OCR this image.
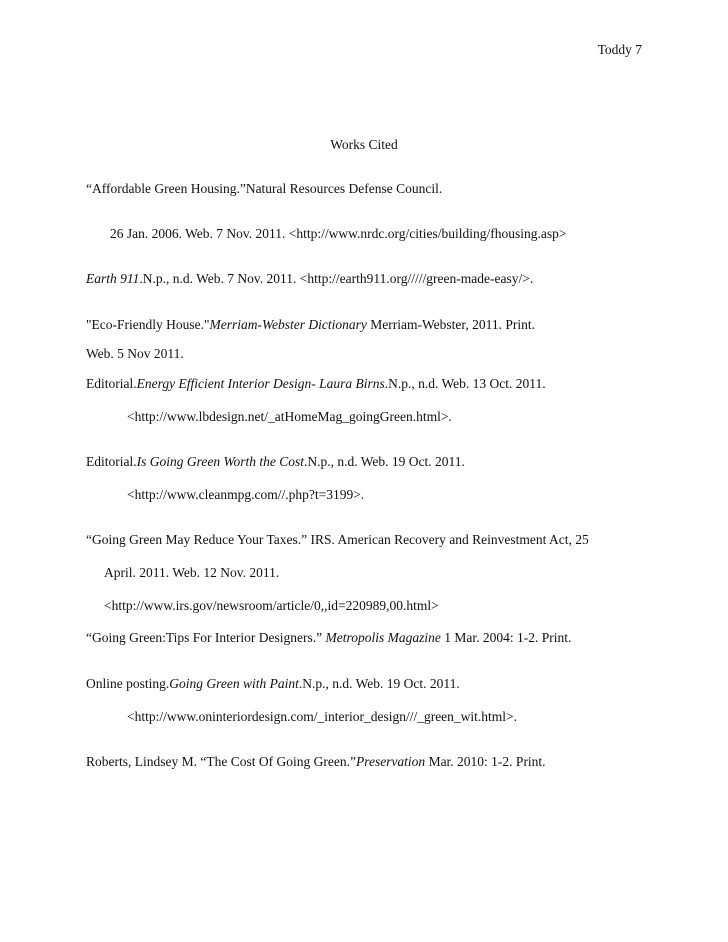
Toddy 7
Works Cited
“Affordable Green Housing.”Natural Resources Defense Council.
26 Jan. 2006. Web. 7 Nov. 2011. <http://www.nrdc.org/cities/building/fhousing.asp>
Earth 911.N.p., n.d. Web. 7 Nov. 2011. <http://earth911.org/////green-made-easy/>.
"Eco-Friendly House."Merriam-Webster Dictionary Merriam-Webster, 2011. Print.
Web. 5 Nov 2011.
Editorial.Energy Efficient Interior Design- Laura Birns.N.p., n.d. Web. 13 Oct. 2011.
<http://www.lbdesign.net/_atHomeMag_goingGreen.html>.
Editorial.Is Going Green Worth the Cost.N.p., n.d. Web. 19 Oct. 2011.
<http://www.cleanmpg.com//.php?t=3199>.
“Going Green May Reduce Your Taxes.” IRS. American Recovery and Reinvestment Act, 25
April. 2011. Web. 12 Nov. 2011.
<http://www.irs.gov/newsroom/article/0,,id=220989,00.html>
“Going Green:Tips For Interior Designers.” Metropolis Magazine 1 Mar. 2004: 1-2. Print.
Online posting.Going Green with Paint.N.p., n.d. Web. 19 Oct. 2011.
<http://www.oninteriordesign.com/_interior_design///_green_wit.html>.
Roberts, Lindsey M. “The Cost Of Going Green.”Preservation Mar. 2010: 1-2. Print.
